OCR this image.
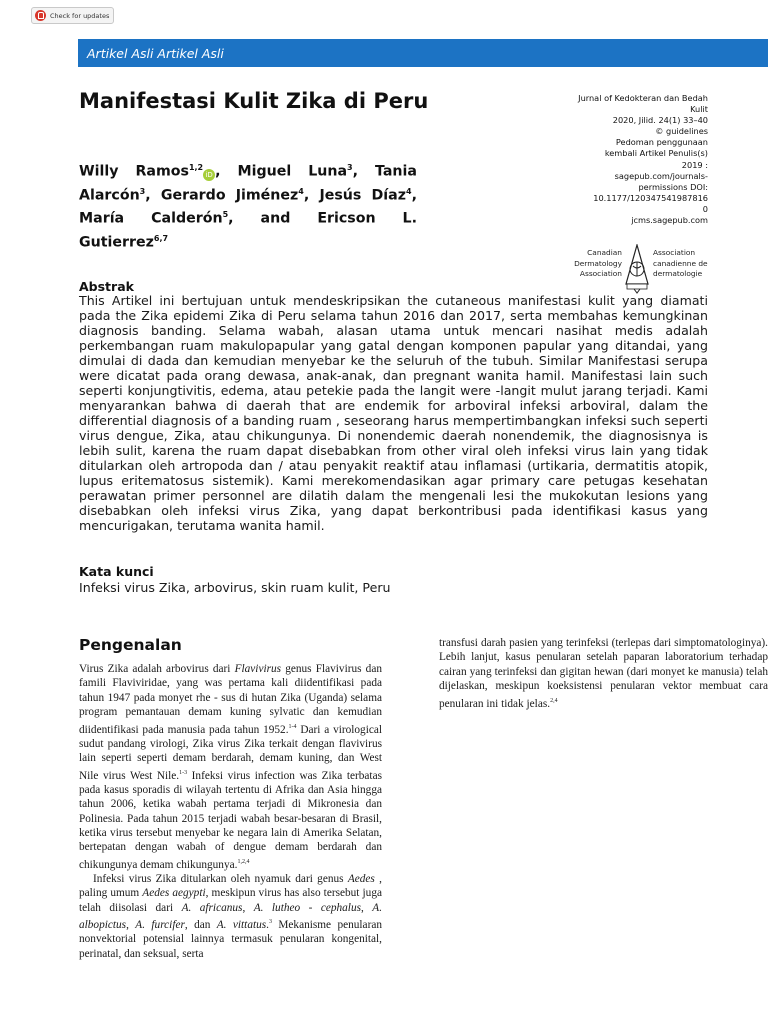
Check for updates
Artikel Asli Artikel Asli
Manifestasi Kulit Zika di Peru	Jurnal of Kedokteran dan Bedah
Kulit
2020, Jilid. 24(1) 33–40
© guidelines
Pedoman penggunaan
kembali Artikel Penulis(s)
2019 :
sagepub.com/journals-
permissions DOI:
10.1177/120347541987816
0
jcms.sagepub.com
Willy Ramos$^{1,2}$iD , Miguel Luna$^3$, Tania Alarcón$^3$, Gerardo Jiménez$^4$, Jesús Díaz$^4$, María Calderón$^5$, and Ericson L. Gutierrez$^{6,7}$
Canadian
Dermatology
Association
Association
canadienne de
dermatologie
Abstrak

This Artikel ini bertujuan untuk mendeskripsikan the cutaneous manifestasi kulit yang diamati pada the Zika epidemi Zika di Peru selama tahun 2016 dan 2017, serta membahas kemungkinan diagnosis banding. Selama wabah, alasan utama untuk mencari nasihat medis adalah perkembangan ruam makulopapular yang gatal dengan komponen papular yang ditandai, yang dimulai di dada dan kemudian menyebar ke the seluruh of the tubuh. Similar Manifestasi serupa were dicatat pada orang dewasa, anak-anak, dan pregnant wanita hamil. Manifestasi lain such seperti konjungtivitis, edema, atau petekie pada the langit were -langit mulut jarang terjadi. Kami menyarankan bahwa di daerah that are endemik for arboviral infeksi arboviral, dalam the differential diagnosis of a banding ruam , seseorang harus mempertimbangkan infeksi such seperti virus dengue, Zika, atau chikungunya. Di nonendemic daerah nonendemik, the diagnosisnya is lebih sulit, karena the ruam dapat disebabkan from other viral oleh infeksi virus lain yang tidak ditularkan oleh artropoda dan / atau penyakit reaktif atau inflamasi (urtikaria, dermatitis atopik, lupus eritematosus sistemik). Kami merekomendasikan agar primary care petugas kesehatan perawatan primer personnel are dilatih dalam the mengenali lesi the mukokutan lesions yang disebabkan oleh infeksi virus Zika, yang dapat berkontribusi pada identifikasi kasus yang mencurigakan, terutama wanita hamil.

Kata kunci
Infeksi virus Zika, arbovirus, skin ruam kulit, Peru
Pengenalan

Virus Zika adalah arbovirus dari Flavivirus genus Flavivirus dan famili Flaviviridae, yang was pertama kali diidentifikasi pada tahun 1947 pada monyet rhe - sus di hutan Zika (Uganda) selama program pemantauan demam kuning sylvatic dan kemudian diidentifikasi pada manusia pada tahun 1952.$^{1-4}$ Dari a virological sudut pandang virologi, Zika virus Zika terkait dengan flavivirus lain seperti seperti demam berdarah, demam kuning, dan West Nile virus West Nile.$^{1-3}$ Infeksi virus infection was Zika terbatas pada kasus sporadis di wilayah tertentu di Afrika dan Asia hingga tahun 2006, ketika wabah pertama terjadi di Mikronesia dan Polinesia. Pada tahun 2015 terjadi wabah besar-besaran di Brasil, ketika virus tersebut menyebar ke negara lain di Amerika Selatan, bertepatan dengan wabah of dengue demam berdarah dan chikungunya demam chikungunya.$^{1,2,4}$

Infeksi virus Zika ditularkan oleh nyamuk dari genus Aedes , paling umum Aedes aegypti, meskipun virus has also tersebut juga telah diisolasi dari A. africanus, A. lutheo - cephalus, A. albopictus, A. furcifer, dan A. vittatus.$^3$ Mekanisme penularan nonvektorial potensial lainnya termasuk penularan kongenital, perinatal, dan seksual, serta

transfusi darah pasien yang terinfeksi (terlepas dari simptomatologinya). Lebih lanjut, kasus penularan setelah paparan laboratorium terhadap cairan yang terinfeksi dan gigitan hewan (dari monyet ke manusia) telah dijelaskan, meskipun koeksistensi penularan vektor membuat cara penularan ini tidak jelas.$^{2,4}$
